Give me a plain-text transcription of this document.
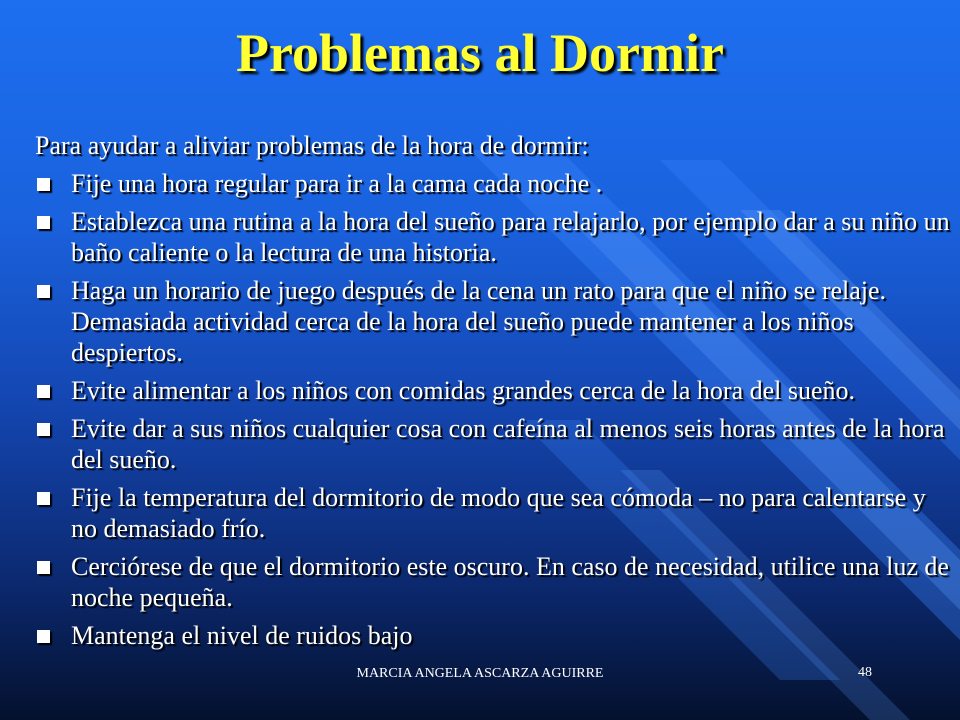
Problemas al Dormir

Para ayudar a aliviar problemas de la hora de dormir:

Fije una hora regular para ir a la cama cada noche .
Establezca una rutina a la hora del sueño para relajarlo, por ejemplo dar a su niño un baño caliente o la lectura de una historia.
Haga un horario de juego después de la cena un rato para que el niño se relaje. Demasiada actividad cerca de la hora del sueño puede mantener a los niños despiertos.
Evite alimentar a los niños con comidas grandes cerca de la hora del sueño.
Evite dar a sus niños cualquier cosa con cafeína al menos seis horas antes de la hora del sueño.
Fije la temperatura del dormitorio de modo que sea cómoda – no para calentarse y no demasiado frío.
Cerciórese de que el dormitorio este oscuro. En caso de necesidad, utilice una luz de noche pequeña.
Mantenga el nivel de ruidos bajo
MARCIA ANGELA ASCARZA AGUIRRE	48
